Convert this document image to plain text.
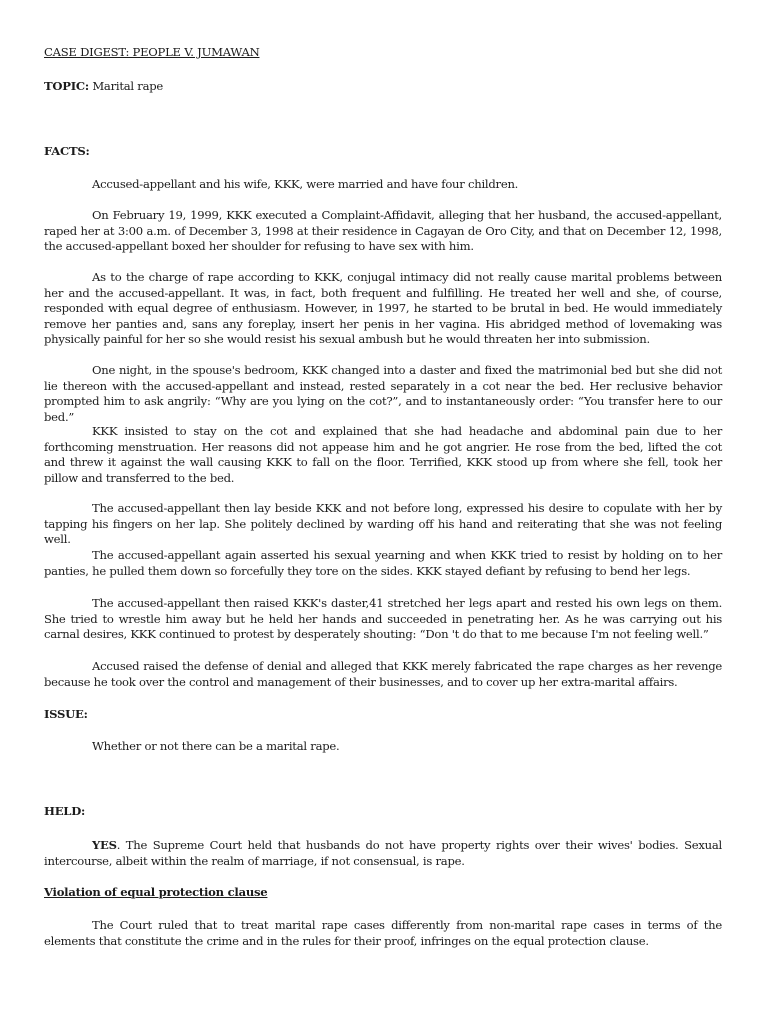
CASE DIGEST: PEOPLE V. JUMAWAN
TOPIC: Marital rape
FACTS:

Accused-appellant and his wife, KKK, were married and have four children.

On February 19, 1999, KKK executed a Complaint-Affidavit, alleging that her husband, the accused-appellant, raped her at 3:00 a.m. of December 3, 1998 at their residence in Cagayan de Oro City, and that on December 12, 1998, the accused-appellant boxed her shoulder for refusing to have sex with him.

As to the charge of rape according to KKK, conjugal intimacy did not really cause marital problems between her and the accused-appellant. It was, in fact, both frequent and fulfilling. He treated her well and she, of course, responded with equal degree of enthusiasm. However, in 1997, he started to be brutal in bed. He would immediately remove her panties and, sans any foreplay, insert her penis in her vagina. His abridged method of lovemaking was physically painful for her so she would resist his sexual ambush but he would threaten her into submission.

One night, in the spouse's bedroom, KKK changed into a daster and fixed the matrimonial bed but she did not lie thereon with the accused-appellant and instead, rested separately in a cot near the bed. Her reclusive behavior prompted him to ask angrily: “Why are you lying on the cot?”, and to instantaneously order: “You transfer here to our bed.”

KKK insisted to stay on the cot and explained that she had headache and abdominal pain due to her forthcoming menstruation. Her reasons did not appease him and he got angrier. He rose from the bed, lifted the cot and threw it against the wall causing KKK to fall on the floor. Terrified, KKK stood up from where she fell, took her pillow and transferred to the bed.

The accused-appellant then lay beside KKK and not before long, expressed his desire to copulate with her by tapping his fingers on her lap. She politely declined by warding off his hand and reiterating that she was not feeling well.

The accused-appellant again asserted his sexual yearning and when KKK tried to resist by holding on to her panties, he pulled them down so forcefully they tore on the sides. KKK stayed defiant by refusing to bend her legs.

The accused-appellant then raised KKK's daster,41 stretched her legs apart and rested his own legs on them. She tried to wrestle him away but he held her hands and succeeded in penetrating her. As he was carrying out his carnal desires, KKK continued to protest by desperately shouting: “Don 't do that to me because I'm not feeling well.”

Accused raised the defense of denial and alleged that KKK merely fabricated the rape charges as her revenge because he took over the control and management of their businesses, and to cover up her extra-marital affairs.

ISSUE:

Whether or not there can be a marital rape.

HELD:

YES. The Supreme Court held that husbands do not have property rights over their wives' bodies. Sexual intercourse, albeit within the realm of marriage, if not consensual, is rape.

Violation of equal protection clause

The Court ruled that to treat marital rape cases differently from non-marital rape cases in terms of the elements that constitute the crime and in the rules for their proof, infringes on the equal protection clause.
